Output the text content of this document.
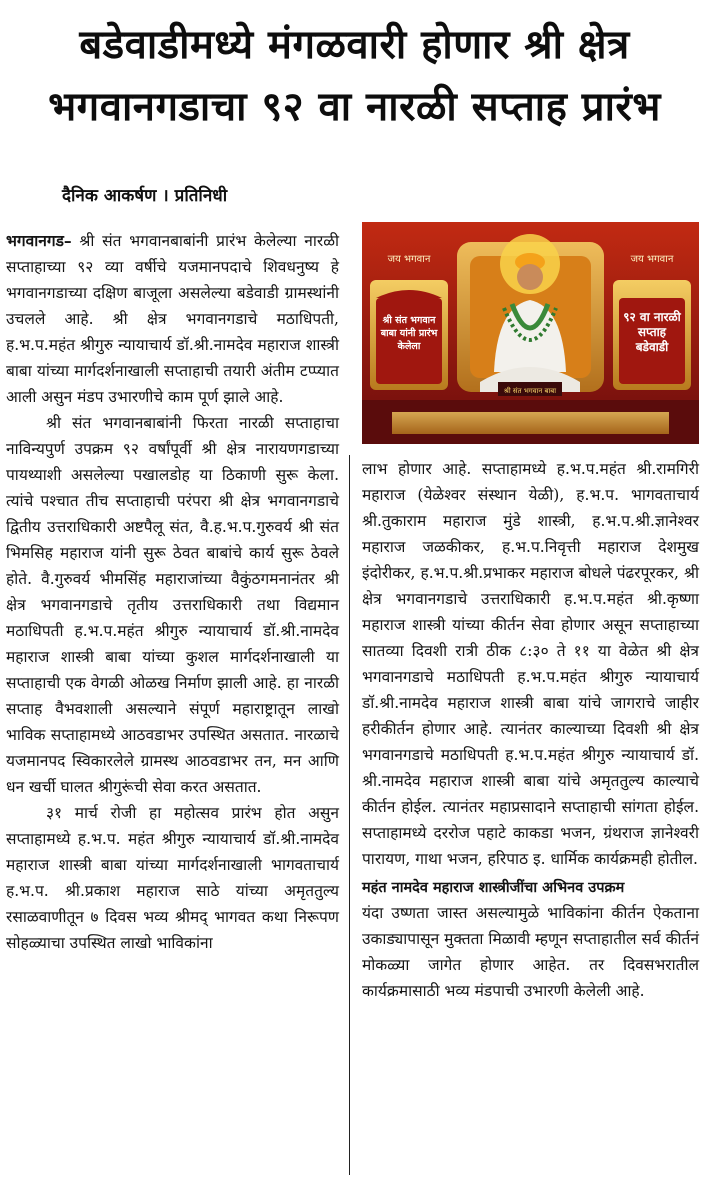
बडेवाडीमध्ये मंगळवारी होणार श्री क्षेत्र
भगवानगडाचा ९२ वा नारळी सप्ताह प्रारंभ
दैनिक आकर्षण । प्रतिनिधी

भगवानगड– श्री संत भगवानबाबांनी प्रारंभ केलेल्या नारळी सप्ताहाच्या ९२ व्या वर्षीचे यजमानपदाचे शिवधनुष्य हे भगवानगडाच्या दक्षिण बाजूला असलेल्या बडेवाडी ग्रामस्थांनी उचलले आहे. श्री क्षेत्र भगवानगडाचे मठाधिपती, ह.भ.प.महंत श्रीगुरु न्यायाचार्य डॉ.श्री.नामदेव महाराज शास्त्री बाबा यांच्या मार्गदर्शनाखाली सप्ताहाची तयारी अंतीम टप्प्यात आली असुन मंडप उभारणीचे काम पूर्ण झाले आहे.

श्री संत भगवानबाबांनी फिरता नारळी सप्ताहाचा नाविन्यपुर्ण उपक्रम ९२ वर्षांपूर्वी श्री क्षेत्र नारायणगडाच्या पायथ्याशी असलेल्या पखालडोह या ठिकाणी सुरू केला. त्यांचे पश्चात तीच सप्ताहाची परंपरा श्री क्षेत्र भगवानगडाचे द्वितीय उत्तराधिकारी अष्टपैलू संत, वै.ह.भ.प.गुरुवर्य श्री संत भिमसिह महाराज यांनी सुरू ठेवत बाबांचे कार्य सुरू ठेवले होते. वै.गुरुवर्य भीमसिंह महाराजांच्या वैकुंठगमनानंतर श्री क्षेत्र भगवानगडाचे तृतीय उत्तराधिकारी तथा विद्यमान मठाधिपती ह.भ.प.महंत श्रीगुरु न्यायाचार्य डॉ.श्री.नामदेव महाराज शास्त्री बाबा यांच्या कुशल मार्गदर्शनाखाली या सप्ताहाची एक वेगळी ओळख निर्माण झाली आहे. हा नारळी सप्ताह वैभवशाली असल्याने संपूर्ण महाराष्ट्रातून लाखो भाविक सप्ताहामध्ये आठवडाभर उपस्थित असतात. नारळाचे यजमानपद स्विकारलेले ग्रामस्थ आठवडाभर तन, मन आणि धन खर्ची घालत श्रीगुरूंची सेवा करत असतात.

३१ मार्च रोजी हा महोत्सव प्रारंभ होत असुन सप्ताहामध्ये ह.भ.प. महंत श्रीगुरु न्यायाचार्य डॉ.श्री.नामदेव महाराज शास्त्री बाबा यांच्या मार्गदर्शनाखाली भागवताचार्य ह.भ.प. श्री.प्रकाश महाराज साठे यांच्या अमृततुल्य रसाळवाणीतून ७ दिवस भव्य श्रीमद् भागवत कथा निरूपण सोहळ्याचा उपस्थित लाखो भाविकांना

जय भगवान
श्री संत भगवान बाबा यांनी प्रारंभ केलेला
जय भगवान
९२ वा नारळी सप्ताह बडेवाडी
श्री संत भगवान बाबा

लाभ होणार आहे. सप्ताहामध्ये ह.भ.प.महंत श्री.रामगिरी महाराज (येळेश्वर संस्थान येळी), ह.भ.प. भागवताचार्य श्री.तुकाराम महाराज मुंडे शास्त्री, ह.भ.प.श्री.ज्ञानेश्वर महाराज जळकीकर, ह.भ.प.निवृत्ती महाराज देशमुख इंदोरीकर, ह.भ.प.श्री.प्रभाकर महाराज बोधले पंढरपूरकर, श्री क्षेत्र भगवानगडाचे उत्तराधिकारी ह.भ.प.महंत श्री.कृष्णा महाराज शास्त्री यांच्या कीर्तन सेवा होणार असून सप्ताहाच्या सातव्या दिवशी रात्री ठीक ८:३० ते ११ या वेळेत श्री क्षेत्र भगवानगडाचे मठाधिपती ह.भ.प.महंत श्रीगुरु न्यायाचार्य डॉ.श्री.नामदेव महाराज शास्त्री बाबा यांचे जागराचे जाहीर हरीकीर्तन होणार आहे. त्यानंतर काल्याच्या दिवशी श्री क्षेत्र भगवानगडाचे मठाधिपती ह.भ.प.महंत श्रीगुरु न्यायाचार्य डॉ. श्री.नामदेव महाराज शास्त्री बाबा यांचे अमृततुल्य काल्याचे कीर्तन होईल. त्यानंतर महाप्रसादाने सप्ताहाची सांगता होईल. सप्ताहामध्ये दररोज पहाटे काकडा भजन, ग्रंथराज ज्ञानेश्वरी पारायण, गाथा भजन, हरिपाठ इ. धार्मिक कार्यक्रमही होतील.

महंत नामदेव महाराज शास्त्रीजींचा अभिनव उपक्रम

यंदा उष्णता जास्त असल्यामुळे भाविकांना कीर्तन ऐकताना उकाड्यापासून मुक्तता मिळावी म्हणून सप्ताहातील सर्व कीर्तनं मोकळ्या जागेत होणार आहेत. तर दिवसभरातील कार्यक्रमासाठी भव्य मंडपाची उभारणी केलेली आहे.
